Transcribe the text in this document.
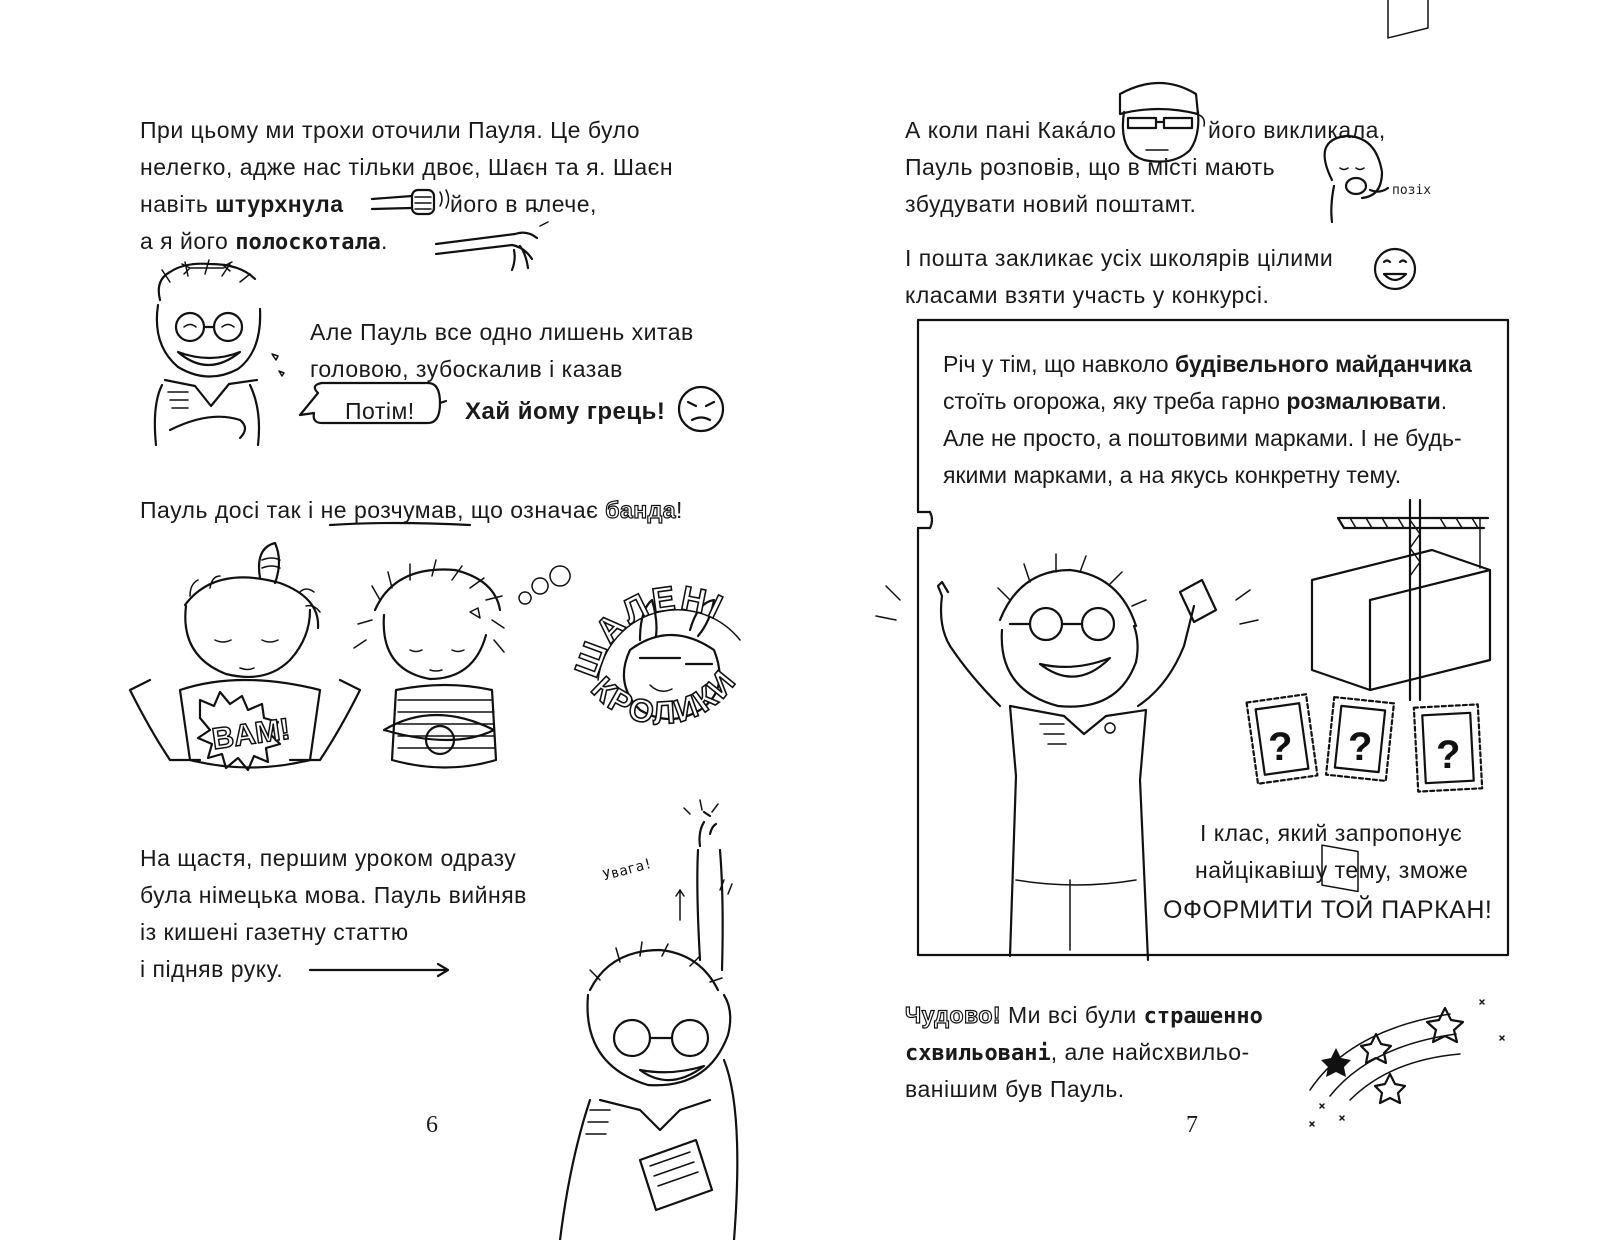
При цьому ми трохи оточили Пауля. Це було
нелегко, адже нас тільки двоє, Шаєн та я. Шаєн
навіть штурхнула	його в плече,
а я його полоскотала.
Але Пауль все одно лишень хитав
головою, зубоскалив і казав
Потім! Хай йому грець!
Пауль досі так і не розчумав, що означає банда!
На щастя, першим уроком одразу
була німецька мова. Пауль вийняв
із кишені газетну статтю
і підняв руку.
6
А коли пані Кака́ло	його викликала,
Пауль розповів, що в місті мають
збудувати новий поштамт.
позіх
І пошта закликає усіх школярів цілими
класами взяти участь у конкурсі.
Річ у тім, що навколо будівельного майданчика
стоїть огорожа, яку треба гарно розмалювати.
Але не просто, а поштовими марками. І не будь-
якими марками, а на якусь конкретну тему.
І клас, який запропонує
найцікавішу тему, зможе
ОФОРМИТИ ТОЙ ПАРКАН!
Чудово! Ми всі були страшенно
схвильовані, але найсхвильо-
ванішим був Пауль.
7
BAM!
ШАЛЕНІ
КРОЛИКИ
Увага!
? ? ?
